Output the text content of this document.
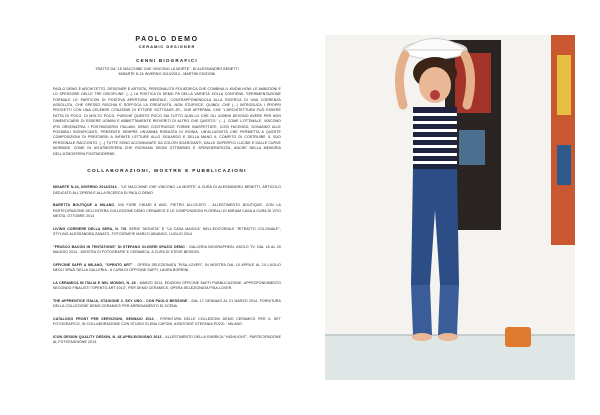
PAOLO DEMO

CERAMIC DESIGNER

CENNI BIOGRAFICI

TRATTO DA "LE MACCHINE CHE VINCONO LA MORTE", DI ALESSANDRO BENETTI
MISARTE N.24 INVERNO 2013/2014 - MARTINI EDIZIONI

PAOLO DEMO È ARCHITETTO, DESIGNER E ARTISTA, PERSONALITÀ POLIEDRICA CHE COMBINA IL KNOW-HOW, LE AMBIZIONI E LO SPESSORE DELLE TRE DISCIPLINE. (...) LA POETICA DI DEMO PA DELLA VARIETÀ SOLLA CONTIENE. SPERIMENTAZIONE FORMALE LE PARTICON DI POSITIVA APERTURA MENTALE, CONTRAPPONENDOLA ALLA RICERCA DI UNA COERENZA ASSOLUTA, CHE SPESSO RISCHIA E SOFFOCA LA CREATIVITÀ. NON STUPISCE, QUINDI, CHE (...) INTRODUCA I PROPRI PROGETTI CON UNA CELEBRE CITAZIONE DI ETTORE SOTTSASS JR., CHE AFFERMA: CHE "L'ARCHITETTURA PUÒ ESSERE FATTA DI POCO, DI MOLTO POCO, PURCHÉ QUESTO POCO SIA TUTTO QUELLO CHE GLI UOMINI DEVONO AVERE PER NON DIMENTICARSI DI ESSERE UOMINI E ABBIETTAMENTE RIEVERITI DI ALTRO CHE QUESTO." (...). COME L'OTTIMALE, VINCONO IPSI ORIGINATRIA I POSTMODERNI ITALIANI, DEMO COSTRUISCE FORME INASPETTATE, COSÌ FACENDO, DONANDO ALLE POSSIBILI SIGNIFICANTI, PRESENTE SEMPRE UN'ANIMA ROBUSTA DI IRONIA, UN'ALLUSIVITÀ CHE PERMETTA A QUESTE COMPOSIZIONI DI PRESTARSI A INFINITE LETTURE ALLO SGUARDO E DELLA MANO IL COMPITO DI COSTRUIRE IL SUO PERSONALE RACCONTO. (...) TUTTE SONO ACCOMUNATE DA COLORI SGARGIANTI, DALLE SUPERFICI LUCIDE E DALLE CURVE MORBIDE, COME IN UN'ATMOSFERA CHE RICHIAMA SEGNI OTTIMISMO E SPENSIERATEZZA, ANCHE NELLA MEMORIA DELL'ATMOSFERA POSTMODERNE.

COLLABORAZIONI, MOSTRE E PUBBLICAZIONI

MISARTE N.24, INVERNO 2013/2014 - "LE MACCHINE CHE VINCONO LA MORTE" A CURA DI ALESSANDRO BENETTI, ARTICOLO DEDICATO ALL'OPERA E ALLA RICERCA DI PAOLO DEMO.

BARETTA BOUTIQUE A MILANO, VIA FIORI CHIARI 8 ANG. PIETRO ALLOCATO - ALLESTIMENTO BOUTIQUE, CON LA PARTECIPAZIONE DELL'INTERA COLLEZIONE DEMO CERAMICS E LE COMPOSIZIONI FLOREALI DI MIRIAM CASA A CURA DI VITO MESTA, OTTOBRE 2014

LIVING CORRIERE DELLA SERA, N. 7/8. SERIE "MONSTA" E "LA CASA MAGICA" NELL'EDITORIALE "RITRATTO COLONIALE", STYLING ALESSANDRA ZANATO, FOTOGRAFIE MARCO ABIANCO, LUGLIO 2014

"FRUSCO BACON IN TENTATIONS" DI STEFANO OLIVIERI SPAZIO DEMO - GALLERIA BIOGRAPHEIN, ASOLO TV, DAL 18 AL 20 MAGGIO 2014 - MOSTRA DI FOTOGRAFIE E CERAMICA, A CURA DI STEVE BESSON.

OFFICINE SAFFI A MILANO, "OPENTO ART" - OPERA SELEZIONATA "PISA-LOVER", IN MOSTRA DAL 10 APRILE AL 14 LUGLIO NEGLI SPAZI DELLA GALLERIA - A CURA DI OFFICINE SAFFI, LAURA BORRINI.

LA CERAMICA IN ITALIA E NEL MONDO, N. 28 - MARZO 2014, EDIZIONI OFFICINE SAFFI PUBBLICAZIONE, APPROFONDIMENTO SECONDO FINALISTI "OPENTO ART 2014", PER DEMO CERAMICS, OPERA SELEZIONATA PISA-LOVER.

THE APPRENTICE ITALIA, STAGIONE 2, SKY UNO - CON PAOLO BESSONE - DAL 17 GENNAIO AL 21 MARZO 2014, FORNITURA DELLA COLLEZIONE DEMO CERAMICS PER ARREDAMENTO DI SCENA.

CATALOGO FRONT PER SERVIZIONI, GENNAIO 2014 - FORNITURA DELLE COLLEZIONI DEMO CERAMICS PER IL SET FOTOGRAFICO, IN COLLABORAZIONE CON STUDIO ELENA CAPONI, ASSISTANT STEFANIA POZZI - MILANO.

ICON DESIGN QUALITY DESIGN, N. 48 APRILE/GIUGNO 2013 - ALLESTIMENTO DELLA RUBRICA "HIGHLIGHT", PARTECIPAZIONE AL FOTOFASHIONE 2013.
